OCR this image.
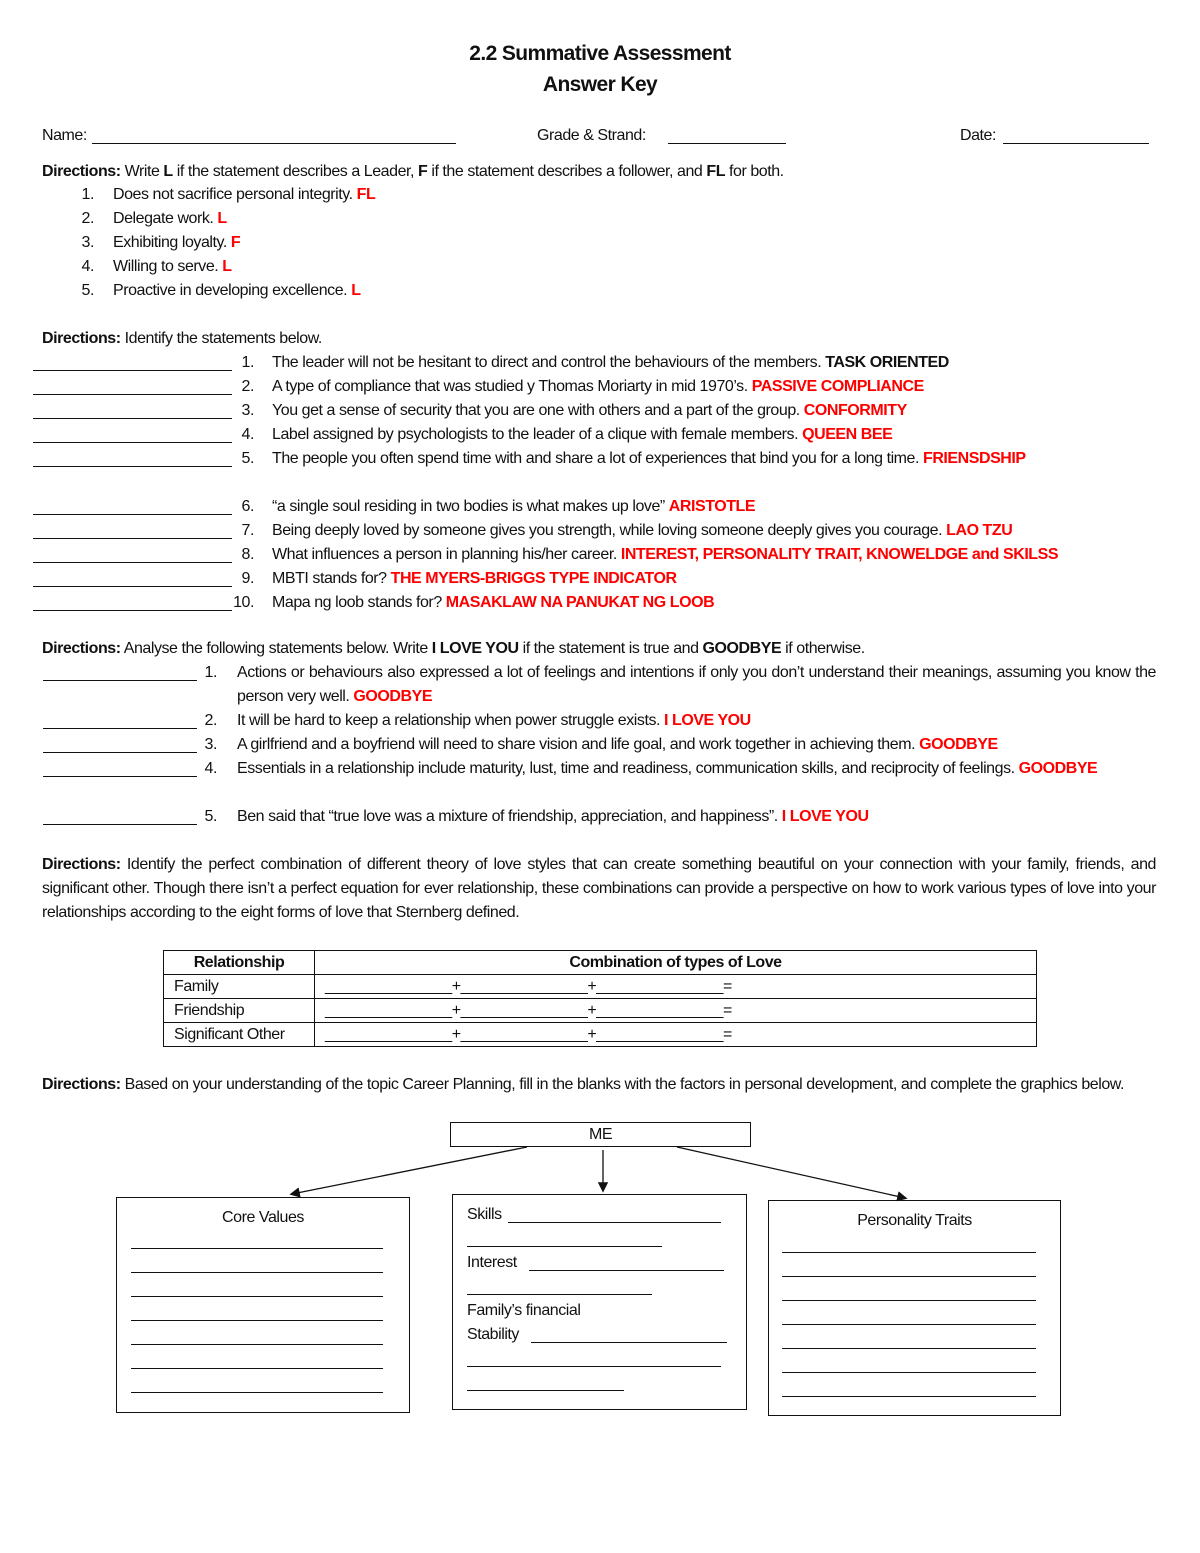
2.2 Summative Assessment
Answer Key
Name:	Grade & Strand:	Date:
Directions: Write L if the statement describes a Leader, F if the statement describes a follower, and FL for both.
Directions: Identify the statements below.
Directions: Analyse the following statements below. Write I LOVE YOU if the statement is true and GOODBYE if otherwise.
Directions: Identify the perfect combination of different theory of love styles that can create something beautiful on your connection with your family, friends, and significant other. Though there isn’t a perfect equation for ever relationship, these combinations can provide a perspective on how to work various types of love into your relationships according to the eight forms of love that Sternberg defined.
Relationship	Combination of types of Love
Family	_______________+_______________+_______________=
Friendship	_______________+_______________+_______________=
Significant Other	_______________+_______________+_______________=
Directions: Based on your understanding of the topic Career Planning, fill in the blanks with the factors in personal development, and complete the graphics below.
ME
Core Values	Skills
Interest
Family’s financial
Stability
Personality Traits
1. Does not sacrifice personal integrity. FL
2. Delegate work. L
3. Exhibiting loyalty. F
4. Willing to serve. L
5. Proactive in developing excellence. L
1. The leader will not be hesitant to direct and control the behaviours of the members. TASK ORIENTED
2. A type of compliance that was studied y Thomas Moriarty in mid 1970’s. PASSIVE COMPLIANCE
3. You get a sense of security that you are one with others and a part of the group. CONFORMITY
4. Label assigned by psychologists to the leader of a clique with female members. QUEEN BEE
5. The people you often spend time with and share a lot of experiences that bind you for a long time. FRIENSDSHIP
6. “a single soul residing in two bodies is what makes up love” ARISTOTLE
7. Being deeply loved by someone gives you strength, while loving someone deeply gives you courage. LAO TZU
8. What influences a person in planning his/her career. INTEREST, PERSONALITY TRAIT, KNOWELDGE and SKILSS
9. MBTI stands for? THE MYERS-BRIGGS TYPE INDICATOR
10. Mapa ng loob stands for? MASAKLAW NA PANUKAT NG LOOB
1. Actions or behaviours also expressed a lot of feelings and intentions if only you don’t understand their meanings, assuming you know the person very well. GOODBYE
2. It will be hard to keep a relationship when power struggle exists. I LOVE YOU
3. A girlfriend and a boyfriend will need to share vision and life goal, and work together in achieving them. GOODBYE
4. Essentials in a relationship include maturity, lust, time and readiness, communication skills, and reciprocity of feelings. GOODBYE
5. Ben said that “true love was a mixture of friendship, appreciation, and happiness”. I LOVE YOU
